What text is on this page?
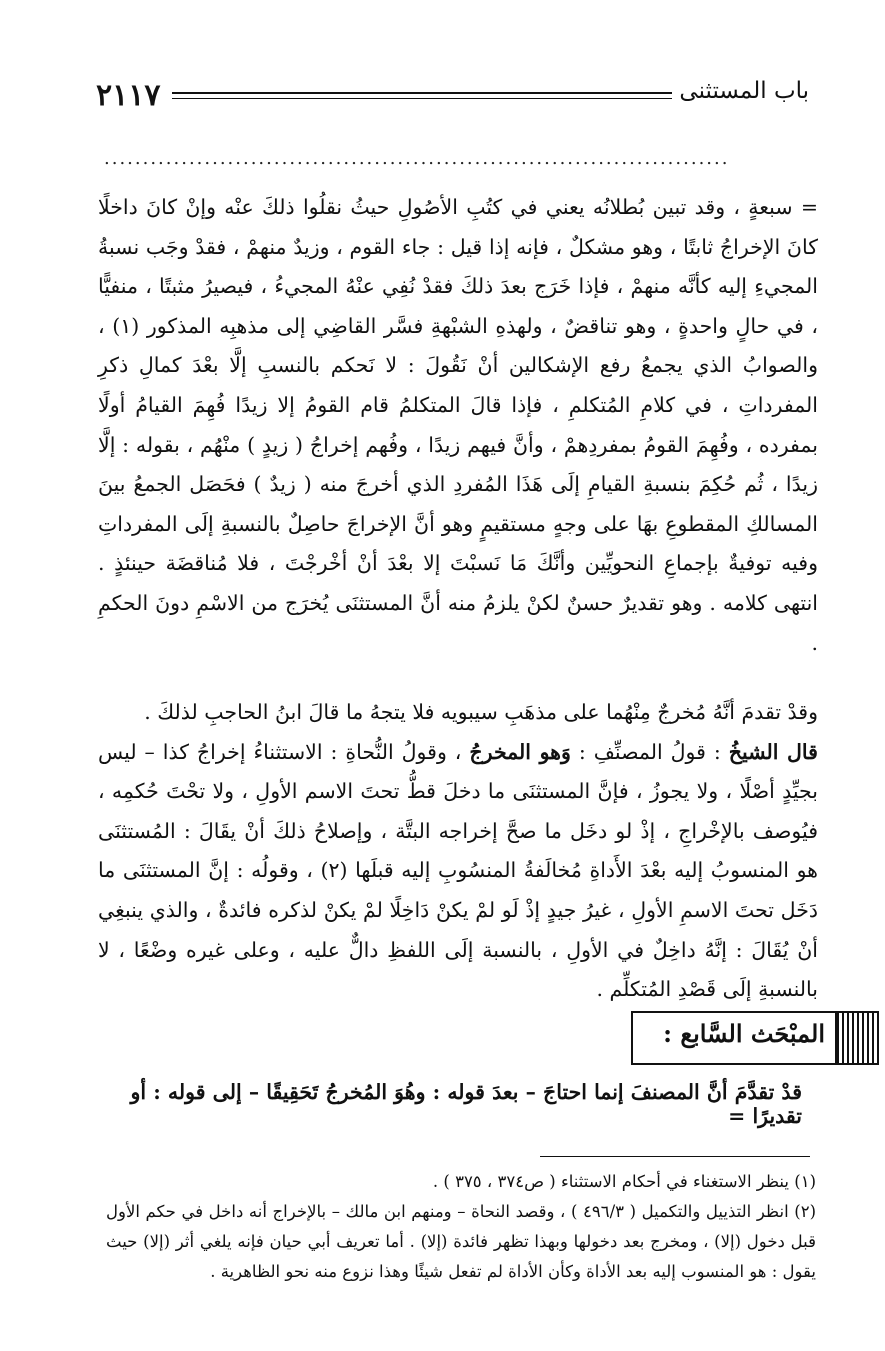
٢١١٧	باب المستثنى
.................................................................................

= سبعةٍ ، وقد تبين بُطلانُه يعني في كتُبِ الأصُولِ حيثُ نقلُوا ذلكَ عنْه وإنْ كانَ داخلًا كانَ الإخراجُ ثابتًا ، وهو مشكلٌ ، فإنه إذا قيل : جاء القوم ، وزيدٌ منهمْ ، فقدْ وجَب نسبةُ المجيءِ إليه كأنَّه منهمْ ، فإذا خَرَج بعدَ ذلكَ فقدْ نُفِي عنْهُ المجيءُ ، فيصيرُ مثبتًا ، منفيًّا ، في حالٍ واحدةٍ ، وهو تناقضٌ ، ولهذهِ الشبْهةِ فسَّر القاضِي إلى مذهبِه المذكور (١) ، والصوابُ الذي يجمعُ رفع الإشكالين أنْ نَقُولَ : لا نَحكم بالنسبِ إلَّا بعْدَ كمالِ ذكرِ المفرداتِ ، في كلامِ المُتكلمِ ، فإذا قالَ المتكلمُ قام القومُ إلا زيدًا فُهِمَ القيامُ أولًا بمفرده ، وفُهِمَ القومُ بمفردِهمْ ، وأنَّ فيهم زيدًا ، وفُهم إخراجُ ( زيدٍ ) منْهُم ، بقوله : إلَّا زيدًا ، ثُم حُكِمَ بنسبةِ القيامِ إلَى هَذَا المُفردِ الذي أخرجَ منه ( زيدٌ ) فحَصَل الجمعُ بينَ المسالكِ المقطوعِ بهَا على وجهٍ مستقيمٍ وهو أنَّ الإخراجَ حاصِلٌ بالنسبةِ إلَى المفرداتِ وفيه توفيةٌ بإجماعِ النحويِّين وأنَّكَ مَا نَسبْتَ إلا بعْدَ أنْ أخْرجْتَ ، فلا مُناقضَة حينئذٍ . انتهى كلامه . وهو تقديرٌ حسنٌ لكنْ يلزمُ منه أنَّ المستثنَى يُخرَج من الاسْمِ دونَ الحكمِ .

وقدْ تقدمَ أنَّهُ مُخرجٌ مِنْهُما على مذهَبِ سيبويه فلا يتجهُ ما قالَ ابنُ الحاجبِ لذلكَ .

قال الشيخُ : قولُ المصنِّفِ : وَهو المخرجُ ، وقولُ النُّحاةِ : الاستثناءُ إخراجُ كذا – ليس بجيِّدٍ أصْلًا ، ولا يجوزُ ، فإنَّ المستثنَى ما دخلَ قطُّ تحتَ الاسم الأولِ ، ولا تحْتَ حُكمِه ، فيُوصف بالإخْراجِ ، إذْ لو دخَل ما صحَّ إخراجه البتَّة ، وإصلاحُ ذلكَ أنْ يقَالَ : المُستثنَى هو المنسوبُ إليه بعْدَ الأَداةِ مُخالَفةُ المنسُوبِ إليه قبلَها (٢) ، وقولُه : إنَّ المستثنَى ما دَخَل تحتَ الاسمِ الأولِ ، غيرُ جيدٍ إذْ لَو لمْ يكنْ دَاخِلًا لمْ يكنْ لذكره فائدةٌ ، والذي ينبغِي أنْ يُقَالَ : إنَّهُ داخِلٌ في الأولِ ، بالنسبة إلَى اللفظِ دالٌّ عليه ، وعلى غيره وضْعًا ، لا بالنسبةِ إلَى قَصْدِ المُتكلِّم .

المبْحَث السَّابع :
قدْ تقدَّمَ أنَّ المصنفَ إنما احتاجَ – بعدَ قوله : وهُوَ المُخرجُ تَحَقِيقًا – إلى قوله : أو تقديرًا =

(١) ينظر الاستغناء في أحكام الاستثناء ( ص٣٧٤ ، ٣٧٥ ) .

(٢) انظر التذييل والتكميل ( ٤٩٦/٣ ) ، وقصد النحاة – ومنهم ابن مالك – بالإخراج أنه داخل في حكم الأول قبل دخول (إلا) ، ومخرج بعد دخولها وبهذا تظهر فائدة (إلا) . أما تعريف أبي حيان فإنه يلغي أثر (إلا) حيث يقول : هو المنسوب إليه بعد الأداة وكأن الأداة لم تفعل شيئًا وهذا نزوع منه نحو الظاهرية .
